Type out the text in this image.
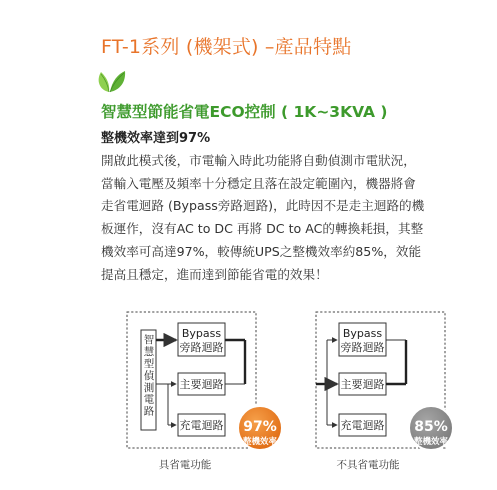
FT-1系列 (機架式) –產品特點
智慧型節能省電ECO控制 ( 1K~3KVA )
整機效率達到97%
開啟此模式後，市電輸入時此功能將自動偵測市電狀況，
當輸入電壓及頻率十分穩定且落在設定範圍內，機器將會
走省電迴路 (Bypass旁路迴路)，此時因不是走主迴路的機
板運作，沒有AC to DC 再將 DC to AC的轉換耗損，其整
機效率可高達97%，較傳統UPS之整機效率約85%，效能
提高且穩定，進而達到節能省電的效果！
智慧型偵測電路
Bypass
旁路迴路
主要迴路
充電迴路 97%
整機效率
具省電功能
Bypass
旁路迴路
主要迴路
充電迴路 85%
整機效率
不具省電功能
